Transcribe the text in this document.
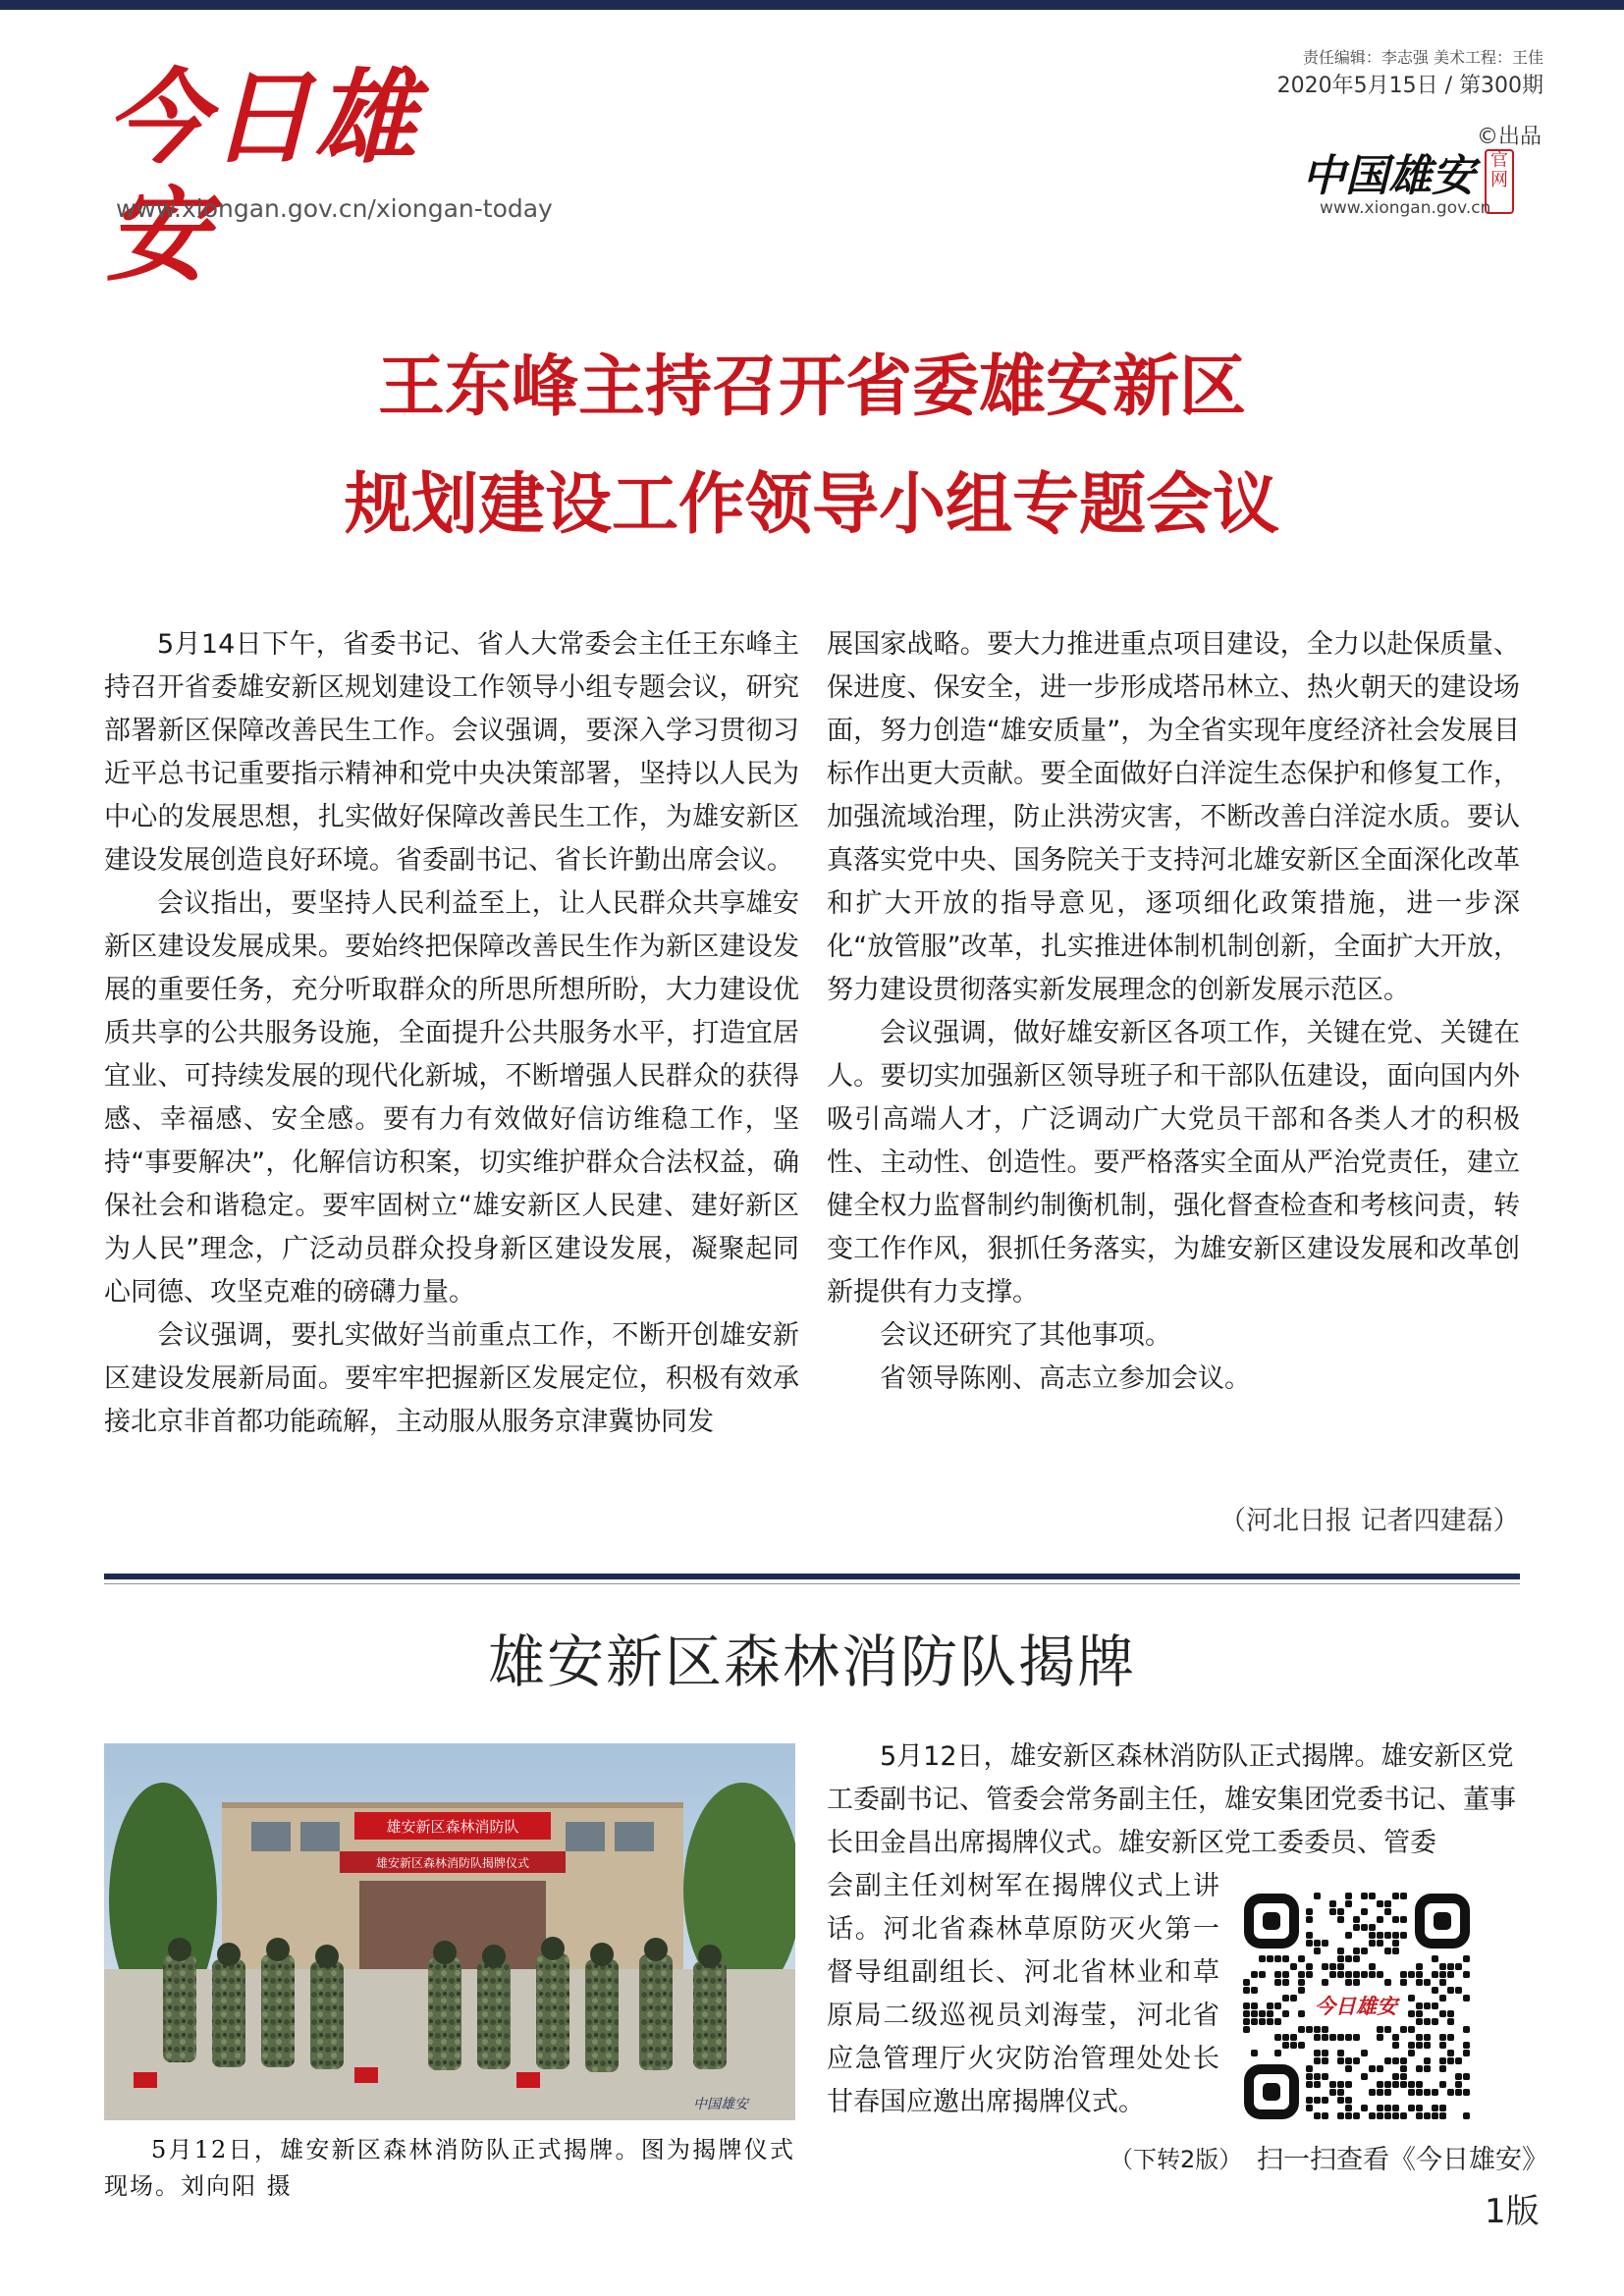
今日雄安
www.xiongan.gov.cn/xiongan-today
责任编辑：李志强 美术工程：王佳
2020年5月15日 / 第300期
©出品
中国雄安 官网
www.xiongan.gov.cn
王东峰主持召开省委雄安新区
规划建设工作领导小组专题会议

5月14日下午，省委书记、省人大常委会主任王东峰主持召开省委雄安新区规划建设工作领导小组专题会议，研究部署新区保障改善民生工作。会议强调，要深入学习贯彻习近平总书记重要指示精神和党中央决策部署，坚持以人民为中心的发展思想，扎实做好保障改善民生工作，为雄安新区建设发展创造良好环境。省委副书记、省长许勤出席会议。

会议指出，要坚持人民利益至上，让人民群众共享雄安新区建设发展成果。要始终把保障改善民生作为新区建设发展的重要任务，充分听取群众的所思所想所盼，大力建设优质共享的公共服务设施，全面提升公共服务水平，打造宜居宜业、可持续发展的现代化新城，不断增强人民群众的获得感、幸福感、安全感。要有力有效做好信访维稳工作，坚持“事要解决”，化解信访积案，切实维护群众合法权益，确保社会和谐稳定。要牢固树立“雄安新区人民建、建好新区为人民”理念，广泛动员群众投身新区建设发展，凝聚起同心同德、攻坚克难的磅礴力量。

会议强调，要扎实做好当前重点工作，不断开创雄安新区建设发展新局面。要牢牢把握新区发展定位，积极有效承接北京非首都功能疏解，主动服从服务京津冀协同发

展国家战略。要大力推进重点项目建设，全力以赴保质量、保进度、保安全，进一步形成塔吊林立、热火朝天的建设场面，努力创造“雄安质量”，为全省实现年度经济社会发展目标作出更大贡献。要全面做好白洋淀生态保护和修复工作，加强流域治理，防止洪涝灾害，不断改善白洋淀水质。要认真落实党中央、国务院关于支持河北雄安新区全面深化改革和扩大开放的指导意见，逐项细化政策措施，进一步深化“放管服”改革，扎实推进体制机制创新，全面扩大开放，努力建设贯彻落实新发展理念的创新发展示范区。

会议强调，做好雄安新区各项工作，关键在党、关键在人。要切实加强新区领导班子和干部队伍建设，面向国内外吸引高端人才，广泛调动广大党员干部和各类人才的积极性、主动性、创造性。要严格落实全面从严治党责任，建立健全权力监督制约制衡机制，强化督查检查和考核问责，转变工作作风，狠抓任务落实，为雄安新区建设发展和改革创新提供有力支撑。

会议还研究了其他事项。

省领导陈刚、高志立参加会议。

（河北日报 记者四建磊）
雄安新区森林消防队揭牌
雄安新区森林消防队
雄安新区森林消防队揭牌仪式
中国雄安
5月12日，雄安新区森林消防队正式揭牌。图为揭牌仪式现场。刘向阳 摄
5月12日，雄安新区森林消防队正式揭牌。雄安新区党工委副书记、管委会常务副主任，雄安集团党委书记、董事长田金昌出席揭牌仪式。雄安新区党工委委员、管委
会副主任刘树军在揭牌仪式上讲话。河北省森林草原防灭火第一督导组副组长、河北省林业和草原局二级巡视员刘海莹，河北省应急管理厅火灾防治管理处处长甘春国应邀出席揭牌仪式。
今日雄安
（下转2版） 扫一扫查看《今日雄安》
1版
